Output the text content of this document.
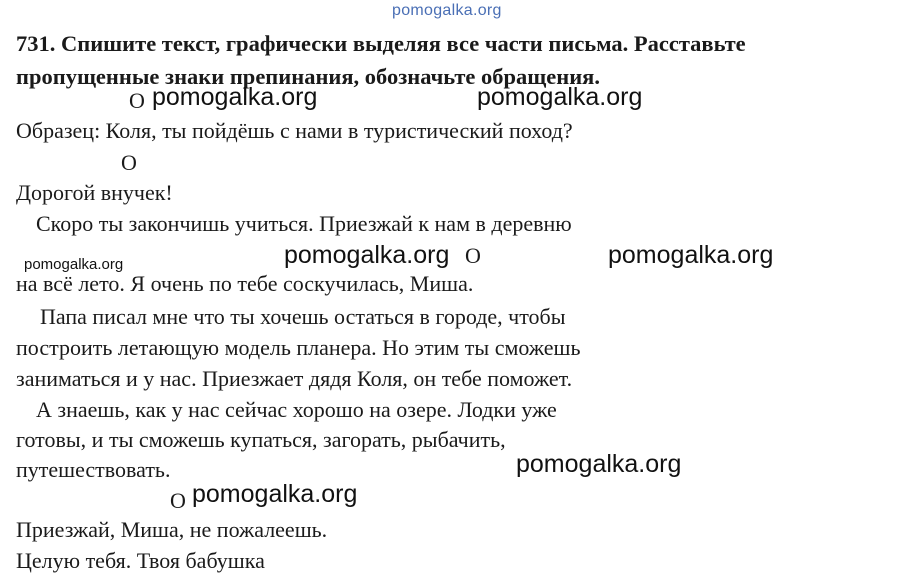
pomogalka.org
731. Спишите текст, графически выделяя все части письма. Расставьте
пропущенные знаки препинания, обозначьте обращения.
О
О
О
О
pomogalka.org	pomogalka.org
pomogalka.org	pomogalka.org
pomogalka.org
pomogalka.org
pomogalka.org
Образец: Коля, ты пойдёшь с нами в туристический поход?
Дорогой внучек!
Скоро ты закончишь учиться. Приезжай к нам в деревню
на всё лето. Я очень по тебе соскучилась, Миша.
Папа писал мне что ты хочешь остаться в городе, чтобы
построить летающую модель планера. Но этим ты сможешь
заниматься и у нас. Приезжает дядя Коля, он тебе поможет.
А знаешь, как у нас сейчас хорошо на озере. Лодки уже
готовы, и ты сможешь купаться, загорать, рыбачить,
путешествовать.
Приезжай, Миша, не пожалеешь.
Целую тебя. Твоя бабушка
